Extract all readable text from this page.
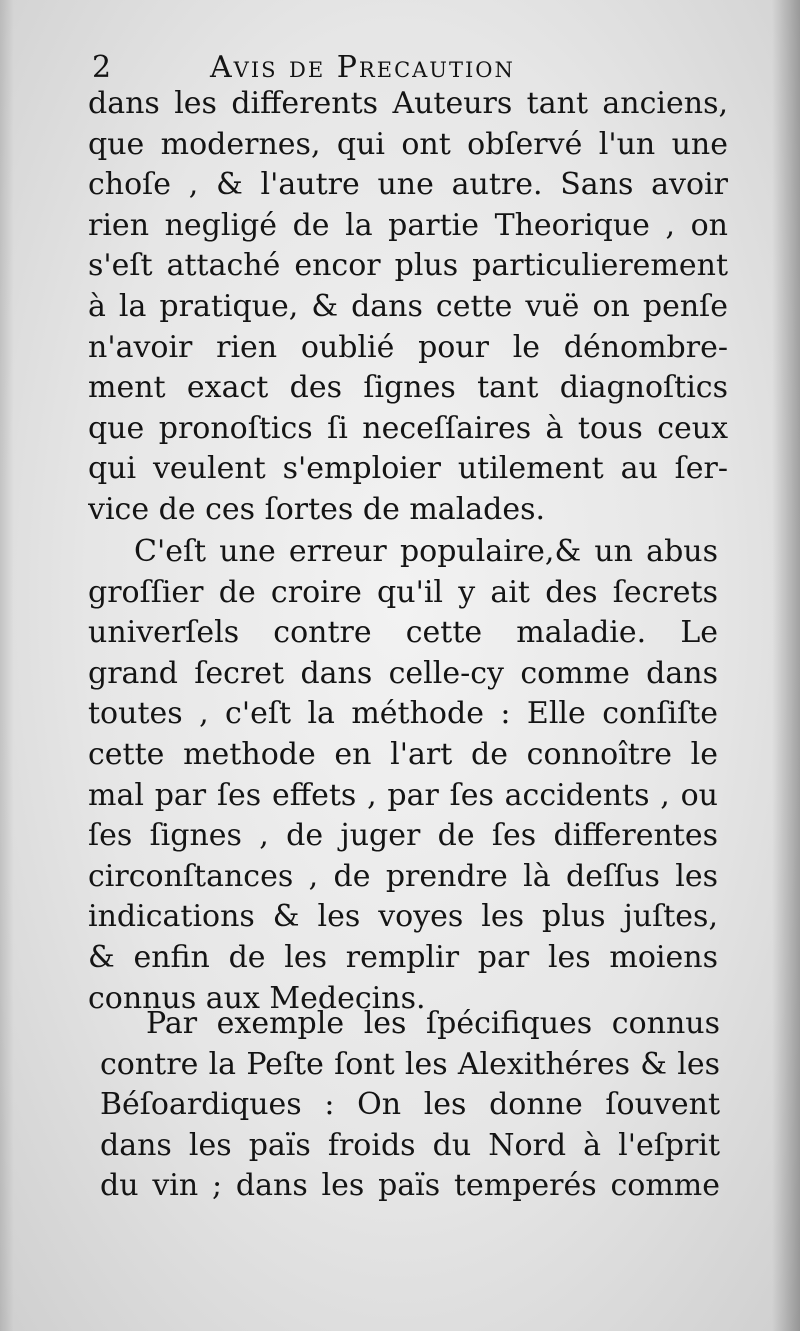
2	Avis de Precaution
dans les differents Auteurs tant anciens,
que modernes, qui ont obſervé l'un une
choſe , & l'autre une autre. Sans avoir
rien negligé de la partie Theorique , on
s'eſt attaché encor plus particulierement
à la pratique, & dans cette vuë on penſe
n'avoir rien oublié pour le dénombre-
ment exact des ſignes tant diagnoſtics
que pronoſtics ſi neceſſaires à tous ceux
qui veulent s'emploier utilement au ſer-
vice de ces ſortes de malades.
C'eſt une erreur populaire,& un abus
groſſier de croire qu'il y ait des ſecrets
univerſels contre cette maladie. Le
grand ſecret dans celle-cy comme dans
toutes , c'eſt la méthode : Elle conſiſte
cette methode en l'art de connoître le
mal par ſes effets , par ſes accidents , ou
ſes ſignes , de juger de ſes differentes
circonſtances , de prendre là deſſus les
indications & les voyes les plus juſtes,
& enfin de les remplir par les moiens
connus aux Medecins.
Par exemple les ſpécifiques connus
contre la Peſte ſont les Alexithéres & les
Béſoardiques : On les donne ſouvent
dans les païs froids du Nord à l'eſprit
du vin ; dans les païs temperés comme
